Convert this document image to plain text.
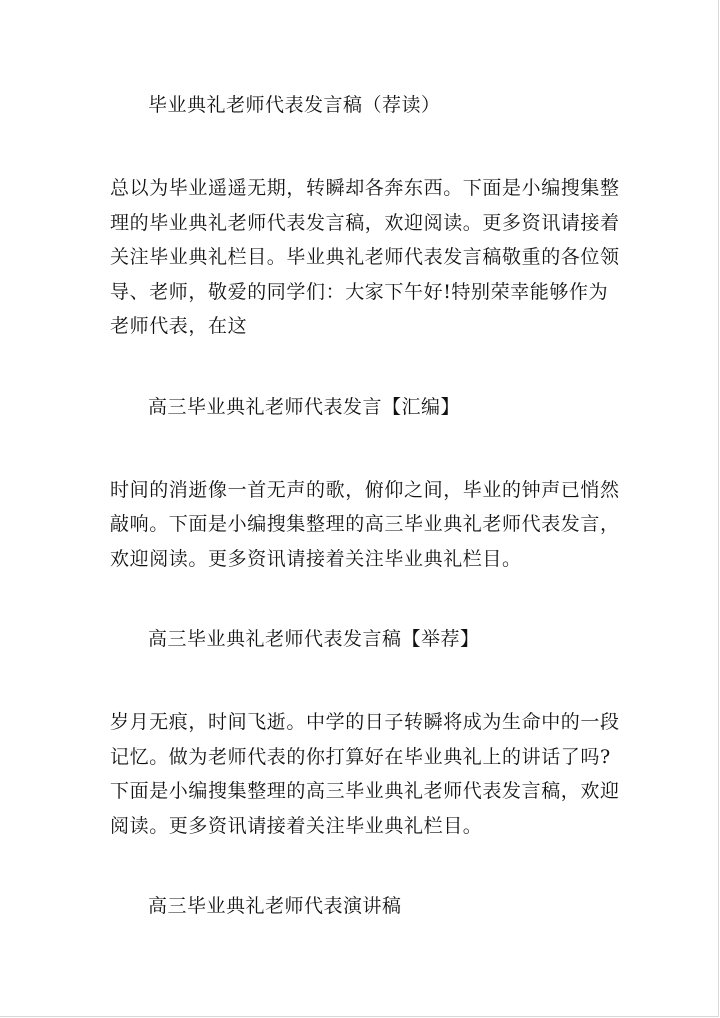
毕业典礼老师代表发言稿（荐读）
总以为毕业遥遥无期，转瞬却各奔东西。下面是小编搜集整
理的毕业典礼老师代表发言稿，欢迎阅读。更多资讯请接着
关注毕业典礼栏目。毕业典礼老师代表发言稿敬重的各位领
导、老师，敬爱的同学们：大家下午好!特别荣幸能够作为
老师代表，在这
高三毕业典礼老师代表发言【汇编】
时间的消逝像一首无声的歌，俯仰之间，毕业的钟声已悄然
敲响。下面是小编搜集整理的高三毕业典礼老师代表发言，
欢迎阅读。更多资讯请接着关注毕业典礼栏目。
高三毕业典礼老师代表发言稿【举荐】
岁月无痕，时间飞逝。中学的日子转瞬将成为生命中的一段
记忆。做为老师代表的你打算好在毕业典礼上的讲话了吗?
下面是小编搜集整理的高三毕业典礼老师代表发言稿，欢迎
阅读。更多资讯请接着关注毕业典礼栏目。
高三毕业典礼老师代表演讲稿
